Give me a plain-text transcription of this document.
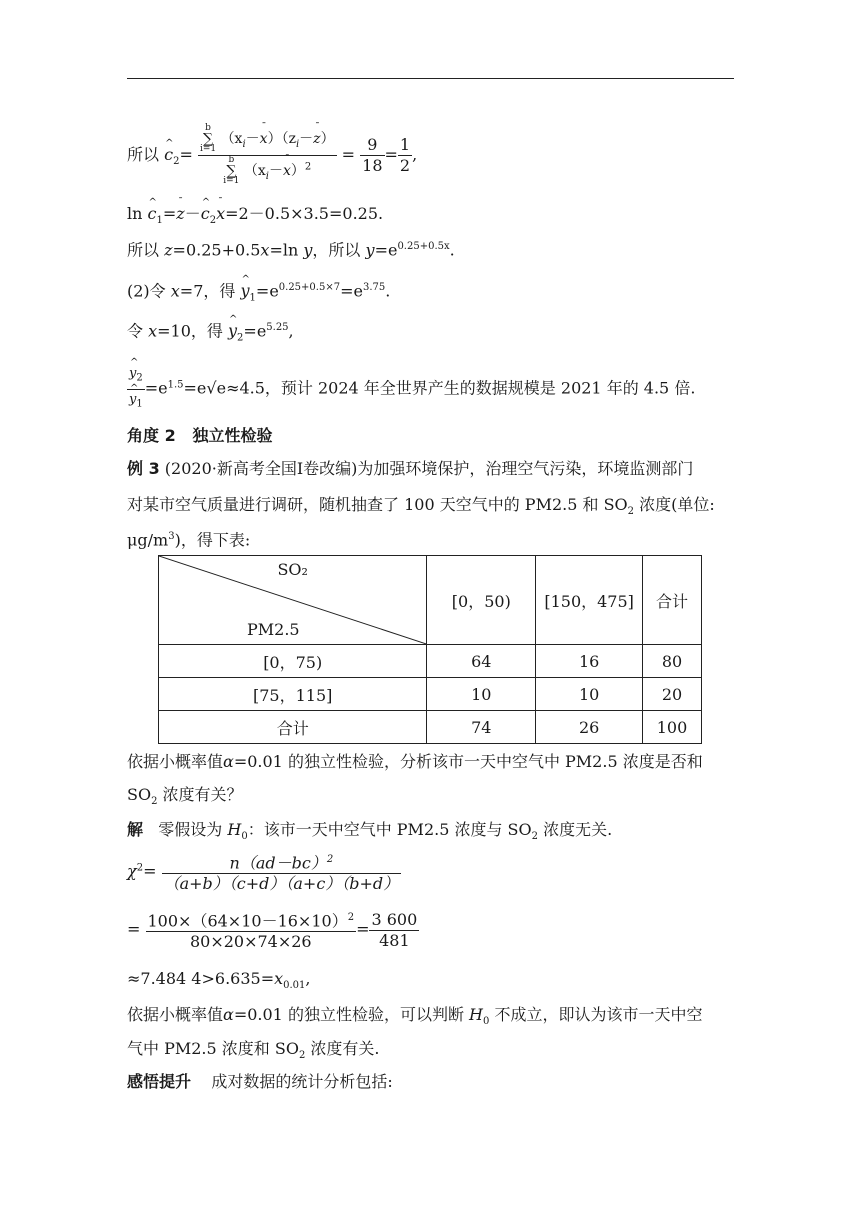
所以 ^ $c_2= b$
∑
i=1
（$x_i-¯$ $x)(z_i-¯$ z）
b
∑
i=1
（$x_i-¯$ $x)^2 = \frac{9}{18} = \frac{1}{2}$ ,
ln ^ $c_1=¯$ z－^ $c_2¯$ x=2－0.5×3.5=0.25.
所以 z=0.25+0.5x=ln y，所以 $y=e^{0.25+0.5x}$.
(2)令 x=7，得 ^ $y_1=e^{0.25+0.5\times 7}=e^{3.75}$.
令 x=10，得 ^ $y_2=e^{5.25}$,
^ $y_2$
^ $y_1 =e^{1.5}=e√e\approx 4.5$，预计 2024 年全世界产生的数据规模是 2021 年的 4.5 倍.
角度 2 独立性检验
例 3 (2020·新高考全国Ⅰ卷改编)为加强环境保护，治理空气污染，环境监测部门
对某市空气质量进行调研，随机抽查了 100 天空气中的 PM2.5 和 $SO_2$ 浓度(单位:
$\mu g/m^3$)，得下表:
SO₂
PM2.5	[0，50)	[150，475]	合计
[0，75)	64	16	80
[75，115]	10	10	20
合计	74	26	100
依据小概率值α=0.01 的独立性检验，分析该市一天中空气中 PM2.5 浓度是否和
$SO_2$ 浓度有关？
解 零假设为 $H_0$：该市一天中空气中 PM2.5 浓度与 $SO_2$ 浓度无关.
$\chi^2= \frac{n(ad-bc)^2}{(a+b)(c+d)(a+c)(b+d)}$
= $\frac{100\times(64\times 10-16\times 10)^2}{80\times 20\times 74\times 26} = \frac{3 600}{481}$
≈7.484 $4>6.635=x_{0.01}$,
依据小概率值α=0.01 的独立性检验，可以判断 $H_0$ 不成立，即认为该市一天中空
气中 PM2.5 浓度和 $SO_2$ 浓度有关.
感悟提升 成对数据的统计分析包括:
